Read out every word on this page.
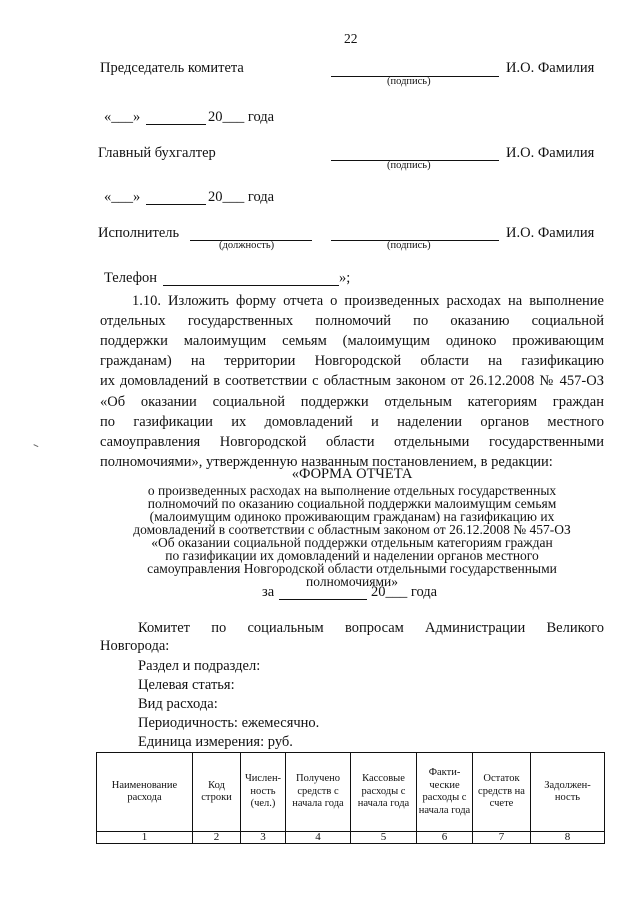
22
Председатель комитета
(подпись)
И.О. Фамилия
«___»	20___ года
Главный бухгалтер
(подпись)
И.О. Фамилия
«___»	20___ года
Исполнитель
(должность)	(подпись)
И.О. Фамилия
Телефон	»;
1.10. Изложить форму отчета о произведенных расходах на выполнение
отдельных государственных полномочий по оказанию социальной
поддержки малоимущим семьям (малоимущим одиноко проживающим
гражданам) на территории Новгородской области на газификацию
их домовладений в соответствии с областным законом от 26.12.2008 № 457-ОЗ
«Об оказании социальной поддержки отдельным категориям граждан
по газификации их домовладений и наделении органов местного
самоуправления Новгородской области отдельными государственными
полномочиями», утвержденную названным постановлением, в редакции:
«ФОРМА ОТЧЕТА
о произведенных расходах на выполнение отдельных государственных
полномочий по оказанию социальной поддержки малоимущим семьям
(малоимущим одиноко проживающим гражданам) на газификацию их
домовладений в соответствии с областным законом от 26.12.2008 № 457-ОЗ
«Об оказании социальной поддержки отдельным категориям граждан
по газификации их домовладений и наделении органов местного
самоуправления Новгородской области отдельными государственными
полномочиями»
за	20___ года
Комитет по социальным вопросам Администрации Великого
Новгорода:
Раздел и подраздел:
Целевая статья:
Вид расхода:
Периодичность: ежемесячно.
Единица измерения: руб.
Наименование расхода	Код строки	Числен-ность (чел.)	Получено средств с начала года	Кассовые расходы с начала года	Факти-ческие расходы с начала года	Остаток средств на счете	Задолжен-ность
1	2	3	4	5	6	7	8
